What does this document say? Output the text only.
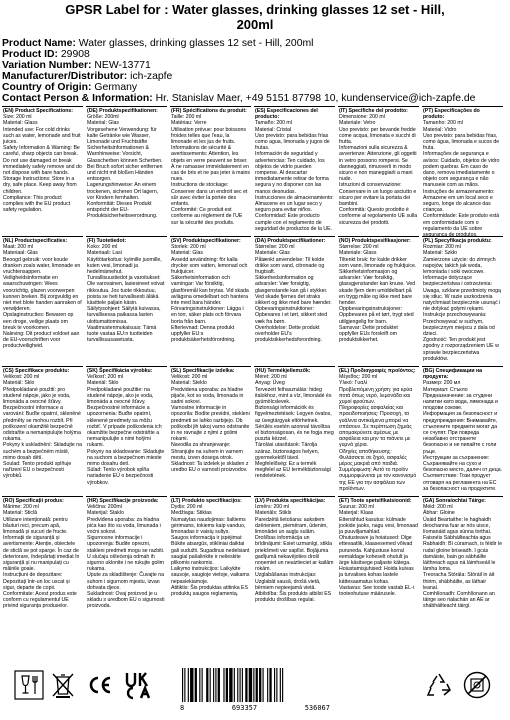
GPSR Label for : Water glasses, drinking glasses 12 set - Hill,
200ml
Product Name: Water glasses, drinking glasses 12 set - Hill, 200ml
Product ID: 29908
Variation Number: NEW-13771
Manufacturer/Distributor: ich-zapfe
Country of Origin: Germany
Contact Person & Information: Hr. Stanislav Maer, +49 5151 87798 10, kundenservice@ich-zapfe.de
(EN) Product Specifications:
Size: 200 ml
Material: Glass
Intended use: For cold drinks such as water, lemonade and fruit juices.
Safety Information & Warning: Be careful, sharp objects can break. Do not use damaged or break immediately safely remove and do not dispose with bare hands.
Storage Instructions: Store in a dry, safe place. Keep away from children.
Compliance: This product complies with the EU product safety regulation.
(DE) Produktspezifikationen:
Größe: 200ml
Material: Glas
Vorgesehene Verwendung: für kalte Getränke wie Wasser, Limonade und Fruchtsäfte
Sicherheitsinformationen & Warnhinweise: Vorsicht, Glasscherben können Scherben. Bei Bruch sofort sicher entfernen und nicht mit bloßen Händen entsorgen.
Lagerungshinweise: An einem trockenen, sicheren Ort lagern, vor Kindern fernhalten.
Konformität: Dieses Produkt entspricht der EU-Produktsicherheitsverordnung.
(FR) Spécifications du produit:
Taille: 200 ml
Matériau: Verre
Utilisation prévue: pour boissons froides telles que l'eau, la limonade et les jus de fruits.
Informations de sécurité & avertissements: Attention, les objets en verre peuvent se briser. À ne ramasser immédiatement en cas de bris et ne pas jeter à mains nues.
Instructions de stockage: Conserver dans un endroit sec et sûr avec éviter la portée des enfants.
Conformité: Ce produit est conforme au règlement de l'UE sur la sécurité des produits.
(ES) Especificaciones del producto:
Tamaño: 200 ml
Material: Cristal
Uso previsto: para bebidas frías como agua, limonada y jugos de frutas.
Información de seguridad y advertencias: Ten cuidado, los objetos de vidrio pueden romperse. Al descartar inmediatamente retirar de forma segura y no disponer con las manos desnudas.
Instrucciones de almacenamiento: Almacene en un lugar seco y seguro para evitar niños.
Conformidad: Este producto cumple con el reglamento de seguridad de productos de la UE.
(IT) Specifiche del prodotto:
Dimensione: 200 ml
Materiale: Vetro
Uso previsto: per bevande fredde come acqua, limonata e succhi di frutta.
Informazioni sulla sicurezza & avvertenze: Attenzione, gli oggetti in vetro possono rompersi. Se danneggiati, rimuoverli in modo sicuro e non maneggiarli a mani nude.
Istruzioni di conservazione: Conservare in un luogo asciutto e sicuro per evitare la portata dei bambini.
Conformità: Questo prodotto è conforme al regolamento UE sulla sicurezza dei prodotti.
(PT) Especificações do produto:
Tamanho: 200 ml
Material: Vidro
Uso previsto: para bebidas frias, como água, limonada e sucos de fruta.
Informações de segurança e avisos: Cuidado, objetos de vidro podem quebrar. Em caso de dano, remova imediatamente o objeto com segurança e não manuseie com as mãos.
Instruções de armazenamento: Armazene em um local seco e seguro, longe do alcance das crianças.
Conformidade: Este produto está em conformidade com o regulamento da UE sobre segurança de produtos.
(NL) Productspecificaties:
Maat: 200 ml
Materiaal: Glas
Beoogd gebruik: voor koude dranken zoals water, limonade en vruchtensappen.
Veiligheidsinformatie en waarschuwingen: Wees voorzichtig, glazen voorwerpen kunnen breken. Bij zorgvuldig en niet met blote handen aanraken of verwijderen.
Opslaginstructies: Bewaren op een droge, veilige plaats om breuk te voorkomen.
Naleving: Dit product voldoet aan de EU-voorschriften voor productveiligheid.
(FI) Tuotetiedot:
Koko: 200 ml
Materiaali: Lasi
Käyttötarkoitus: kylmille juomille, kuten vesi, limonadi ja hedelmämehut.
Turvallisuustiedot ja varoitukset: Ole varovainen, lasiesineet voivat rikkoutua. Jos tuote rikkoutuu, poista se heti turvallisesti äläkä käsittele paljain käsin.
Säilytysohjeet: Säilytä kuivassa, turvallisessa paikassa lasten ulottumattomissa.
Vaatimustenmukaisuus: Tämä tuote vastaa EU:n tuotteiden turvallisuusasetusta.
(SV) Produktspecifikationer:
Storlek: 200 ml
Material: Glas
Avsedd användning: för kalla drycker som vatten, lemonad och fruktjuicer.
Säkerhetsinformation och varningar: Var försiktig, glasföremål kan brytas. Vid skada avlägsna omedelbart och hantera inte med bara händer.
Förvaringsinstruktioner: Lägga i en torr, säker plats och förvara borta från barn.
Efterlevnad: Denna produkt uppfyller EU:s produktsäkerhetsförordning.
(DA) Produktspecifikationer:
Størrelse: 200 ml
Materiale: Glas
Påtænkt anvendelse: Til kolde drikke som vand, citronade og frugtsaft.
Sikkerhedsinformation og advarsler: Vær forsigtig, glasgenstande kan gå i stykker. Ved skade fjernes det straks sikkert og ikke med bare hænder.
Opbevaringsinstruktioner: Opbevares i et tørt, sikkert sted væk fra børn.
Overholdelse: Dette produkt overholder EU's produktsikkerhedsforordning.
(NO) Produktspesifikasjoner:
Størrelse: 200 ml
Materiale: Glass
Tiltenkt bruk: for kalde drikker som vann, limonade og fruktjuice.
Sikkerhetsinformasjon og advarsler: Vær forsiktig, glassgjenstander kan knuse. Ved skade fjern dem umiddelbart på en trygg måte og ikke med bare hender.
Oppbevaringsinstruksjoner: Oppbevares på et tørt, trygt sted utilgjengelig for barn.
Samsvar: Dette produktet oppfyller EUs forskrift om produktsikkerhet.
(PL) Specyfikacja produktu:
Rozmiar: 200 ml
Materiał: Szkło
Zamierzone użycie: do zimnych napojów, takich jak woda, lemoniada i soki owocowe.
Informacje dotyczące bezpieczeństwa i ostrzeżenia: Uwaga, szklane przedmioty mogą się stłuc. W razie uszkodzenia natychmiast bezpiecznie usunąć i nie dotykać gołymi rękami.
Instrukcje przechowywania: Przechowywać w suchym, bezpiecznym miejscu z dala od dzieci.
Zgodność: Ten produkt jest zgodny z rozporządzeniem UE w sprawie bezpieczeństwa produktów.
(CS) Specifikace produktu:
Velikost: 200 ml
Materiál: Sklo
Předpokládané použití: pro studené nápoje, jako je voda, limonáda a ovocné šťávy.
Bezpečnostní informace a varování: Buďte opatrní, skleněné předměty se mohou rozbít. Při poškození okamžitě bezpečně odstraňte a nemanipulujte holýma rukama.
Pokyny k uskladnění: Skladujte na suchém a bezpečném místě, mimo dosah dětí.
Soulad: Tento produkt splňuje nařízení EU o bezpečnosti výrobků.
(SK) Špecifikácia výrobku:
Veľkosť: 200 ml
Materiál: Sklo
Predpokladané použitie: na studené nápoje, ako je voda, limonáda a ovocné šťavy.
Bezpečnostné informácie a upozornenia: Buďte opatrní, sklenené predmety sa môžu rozbiť. V prípade poškodenia ich okamžite bezpečne odstráňte a nemanipulujte s nimi holými rukami.
Pokyny na skladovanie: Skladujte na suchom a bezpečnom mieste mimo dosahu detí.
Súlad: Tento výrobok spĺňa nariadenie EÚ o bezpečnosti výrobkov.
(SL) Specifikacije izdelka:
Velikost: 200 ml
Material: Steklo
Predvidena uporaba: za hladne pijače, kot so voda, limonada in sadni sokovi.
Varnostne informacije in opozorila: Bodite previdni, stekleni predmeti se lahko razbijejo. Ob poškodbi jih takoj varno odstranite in ne ravnajte z njimi z golimi rokami.
Navodila za shranjevanje: Shranjujte na suhem in varnem mestu, izven dosega otrok.
Skladnost: Ta izdelek je skladen z uredbo EU o varnosti proizvodov.
(HU) Termékjellemzők:
Méret: 200 ml
Anyag: Üveg
Tervezett felhasználás: hideg italokhoz, mint a víz, limonádé és gyümölcslevek.
Biztonsági információk és figyelmeztetések: Legyen óvatos, az üvegtárgyak eltörhetnek. Sérülés esetén azonnal távolítsa el biztonságosan, és ne fogja meg puszta kézzel.
Tárolási utasítások: Tárolja száraz, biztonságos helyen, gyermekektől távol.
Megfelelőség: Ez a termék megfelel az EU termékbiztonsági rendeletének.
(EL) Προδιαγραφές προϊόντος:
Μέγεθος: 200 ml
Υλικό: Γυαλί
Προβλεπόμενη χρήση: για κρύα ποτά όπως νερό, λεμονάδα και χυμοί φρούτων.
Πληροφορίες ασφαλείας και προειδοποιήσεις: Προσοχή, τα γυάλινα αντικείμενα μπορεί να σπάσουν. Σε περίπτωση ζημιάς απομακρύνετε αμέσως με ασφάλεια και μην τα πιάνετε με γυμνά χέρια.
Οδηγίες αποθήκευσης: Φυλάσσετε σε ξηρό, ασφαλές μέρος μακριά από παιδιά.
Συμμόρφωση: Αυτό το προϊόν συμμορφώνεται με τον κανονισμό της ΕΕ για την ασφάλεια των προϊόντων.
(BG) Спецификации на продукта:
Размер: 200 мл
Материал: Стъкло
Предназначение: за студени напитки като вода, лимонада и плодови сокове.
Информация за безопасност и предупреждения: Внимавайте, стъклените предмети могат да се счупят. При повреда незабавно отстранете безопасно и не пипайте с голи ръце.
Инструкции за съхранение: Съхранявайте на сухо и безопасно място, далеч от деца.
Съответствие: Този продукт отговаря на регламента на ЕС за безопасност на продуктите.
(RO) Specificații produs:
Mărime: 200 ml
Material: Sticlă
Utilizare intenționată: pentru băuturi reci, precum apă, limonadă și sucuri de fructe.
Informații de siguranță și avertismente: Atenție, obiectele de sticlă se pot sparge. În caz de deteriorare, îndepărtați imediat în siguranță și nu manipulați cu mâinile goale.
Instrucțiuni de depozitare: Depozitați într-un loc uscat și sigur, departe de copii.
Conformitate: Acest produs este conform cu regulamentul UE privind siguranța produselor.
(HR) Specifikacije proizvoda:
Veličina: 200ml
Materijal: Staklo
Predviđena uporaba: za hladna pića kao što su voda, limunada i voćni sokovi.
Sigurnosne informacije i upozorenja: Budite oprezni, stakleni predmeti mogu se razbiti. U slučaju oštećenja odmah ih sigurno uklonite i ne rukujte golim rukama.
Upute za skladištenje: Čuvajte na suhom i sigurnom mjestu, izvan dohvata djece.
Sukladnost: Ovaj proizvod je u skladu s uredbom EU o sigurnosti proizvoda.
(LT) Produkto specifikacijos:
Dydis: 200 ml
Medžiaga: Stiklas
Numatytas naudojimas: šaltiems gėrimams, tokiems kaip vanduo, limonadas ir vaisių sultys.
Saugos informacija ir įspėjimai: Būkite atsargūs, stikliniai daiktai gali sudužti. Sugadinus nedelsiant saugiai pašalinkite ir nelieskite plikomis rankomis.
Laikymo instrukcijos: Laikykite sausoje, saugioje vietoje, vaikams nepasiekiamoje.
Atitiktis: Šis produktas atitinka ES produktų saugos reglamentą.
(LV) Produkta specifikācijas:
Izmērs: 200 ml
Materiāls: Stikls
Paredzētā lietošana: aukstiem dzērieniem, piemēram, ūdenim, limonādei un augļu sulām.
Drošības informācija un brīdinājumi: Esiet uzmanīgi, stikla priekšmeti var saplīst. Bojājuma gadījumā nekavējoties droši noņemiet un neaiztieciet ar kailām rokām.
Uzglabāšanas instrukcijas: Uzglabāt sausā, drošā vietā, bērniem nepieejamā vietā.
Atbilstība: Šis produkts atbilst ES produktu drošības regulai.
(ET) Toote spetsifikatsioonid:
Suurus: 200 ml
Materjal: Klaas
Ettenähtud kasutus: külmade jookide jaoks, nagu vesi, limonaad ja puuviljamahlad.
Ohutusteave ja hoiatused: Olge ettevaatlik, klaasesemed võivad puruneda. Kahjustuse korral eemaldage koheselt ohutult ja ärge käsitsege paljaste kätega.
Hoiustamisjuhised: Hoida kuivas ja turvalises kohas lastele kättesaamatus kohas.
Vastavus: See toode vastab EL-i tooteohutuse määrusele.
(GA) Sonraíochtaí Táirge:
Méid: 200 ml
Ábhar: Gloine
Úsáid Beartaithe: le haghaidh deochanna fuar ar nós uisce, líomanáid agus súnna torthaí.
Faisnéis Sábháilteachta agus Rabhaidh: Bí cúramach, is féidir le rudaí gloine briseadh. I gcás damáiste, bain go sábháilte láithreach agus ná láimhseáil le lámha loma.
Treoracha Stórála: Stóráil in áit thirim, shábháilte, as láthair leanaí.
Comhlíonadh: Comhlíonann an táirge seo rialachán an AE ar shábháilteacht táirgí.
8	693357	536067
